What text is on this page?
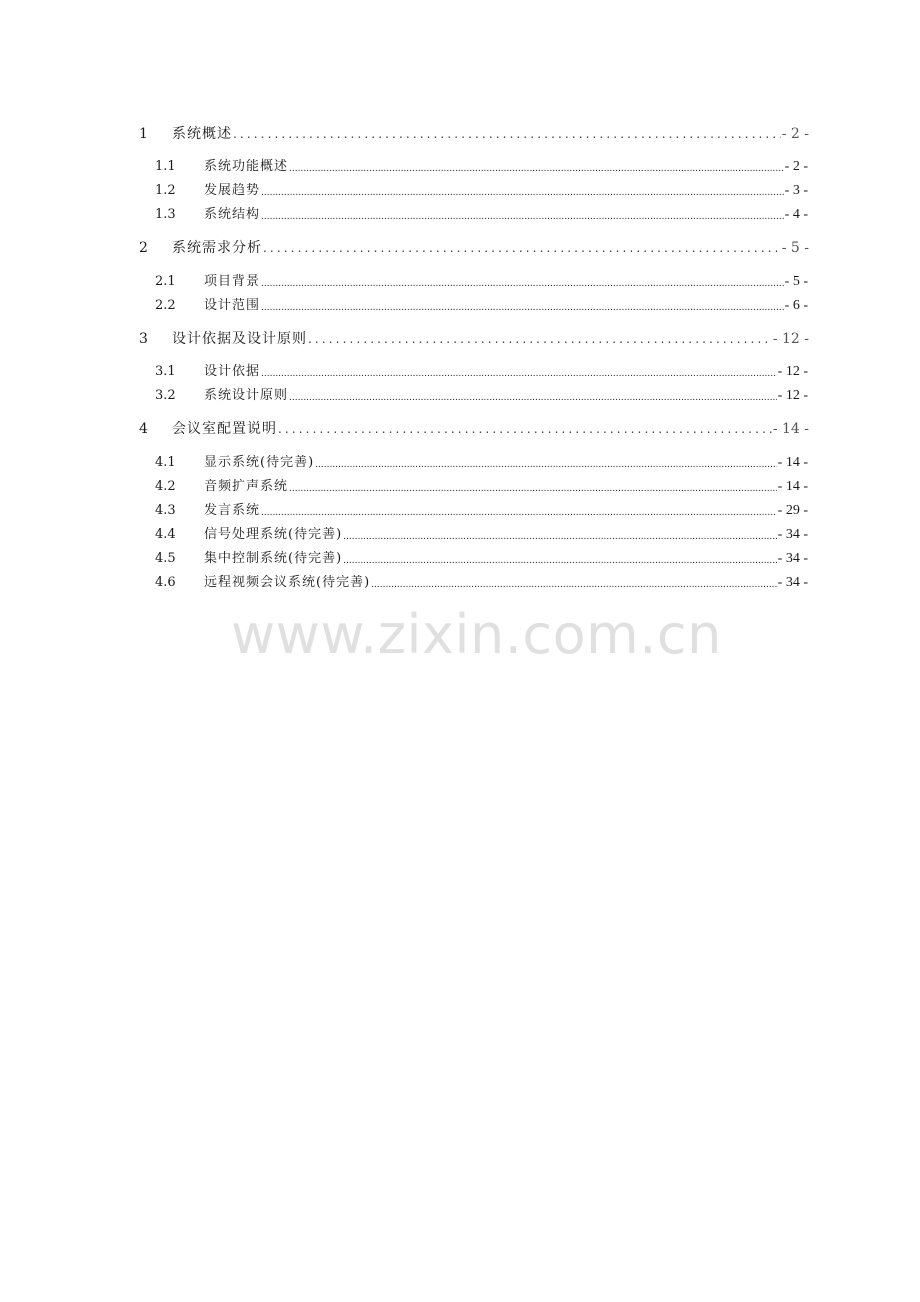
1	系统概述 .....	- 2 -
1.1	系统功能概述 .....	- 2 -
1.2	发展趋势 .....	- 3 -
1.3	系统结构 .....	- 4 -
2	系统需求分析 .....	- 5 -
2.1	项目背景 .....	- 5 -
2.2	设计范围 .....	- 6 -
3	设计依据及设计原则 .....	- 12 -
3.1	设计依据 .....	- 12 -
3.2	系统设计原则 .....	- 12 -
4	会议室配置说明 .....	- 14 -
4.1	显示系统(待完善) .....	- 14 -
4.2	音频扩声系统 .....	- 14 -
4.3	发言系统 .....	- 29 -
4.4	信号处理系统(待完善) .....	- 34 -
4.5	集中控制系统(待完善) .....	- 34 -
4.6	远程视频会议系统(待完善) .....	- 34 -
www.zixin.com.cn
